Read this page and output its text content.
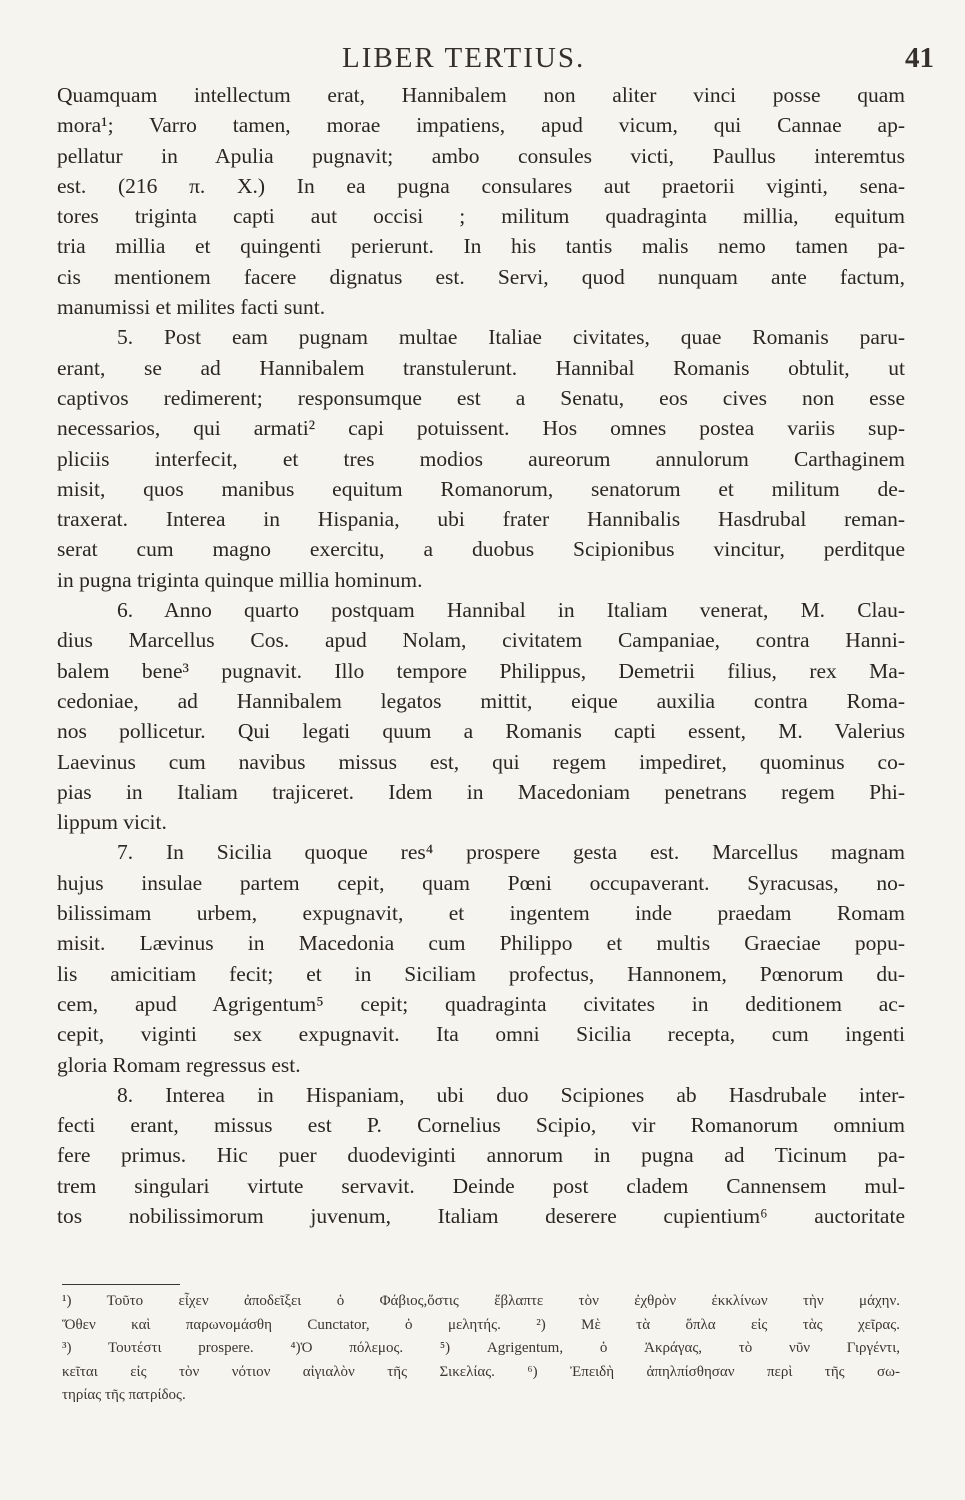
LIBER TERTIUS.	41
Quamquam intellectum erat, Hannibalem non aliter vinci posse quam
mora¹; Varro tamen, morae impatiens, apud vicum, qui Cannae ap-
pellatur in Apulia pugnavit; ambo consules victi, Paullus interemtus
est. (216 π. X.) In ea pugna consulares aut praetorii viginti, sena-
tores triginta capti aut occisi ; militum quadraginta millia, equitum
tria millia et quingenti perierunt. In his tantis malis nemo tamen pa-
cis mentionem facere dignatus est. Servi, quod nunquam ante factum,
manumissi et milites facti sunt.
5. Post eam pugnam multae Italiae civitates, quae Romanis paru-
erant, se ad Hannibalem transtulerunt. Hannibal Romanis obtulit, ut
captivos redimerent; responsumque est a Senatu, eos cives non esse
necessarios, qui armati² capi potuissent. Hos omnes postea variis sup-
pliciis interfecit, et tres modios aureorum annulorum Carthaginem
misit, quos manibus equitum Romanorum, senatorum et militum de-
traxerat. Interea in Hispania, ubi frater Hannibalis Hasdrubal reman-
serat cum magno exercitu, a duobus Scipionibus vincitur, perditque
in pugna triginta quinque millia hominum.
6. Anno quarto postquam Hannibal in Italiam venerat, M. Clau-
dius Marcellus Cos. apud Nolam, civitatem Campaniae, contra Hanni-
balem bene³ pugnavit. Illo tempore Philippus, Demetrii filius, rex Ma-
cedoniae, ad Hannibalem legatos mittit, eique auxilia contra Roma-
nos pollicetur. Qui legati quum a Romanis capti essent, M. Valerius
Laevinus cum navibus missus est, qui regem impediret, quominus co-
pias in Italiam trajiceret. Idem in Macedoniam penetrans regem Phi-
lippum vicit.
7. In Sicilia quoque res⁴ prospere gesta est. Marcellus magnam
hujus insulae partem cepit, quam Pœni occupaverant. Syracusas, no-
bilissimam urbem, expugnavit, et ingentem inde praedam Romam
misit. Lævinus in Macedonia cum Philippo et multis Graeciae popu-
lis amicitiam fecit; et in Siciliam profectus, Hannonem, Pœnorum du-
cem, apud Agrigentum⁵ cepit; quadraginta civitates in deditionem ac-
cepit, viginti sex expugnavit. Ita omni Sicilia recepta, cum ingenti
gloria Romam regressus est.
8. Interea in Hispaniam, ubi duo Scipiones ab Hasdrubale inter-
fecti erant, missus est P. Cornelius Scipio, vir Romanorum omnium
fere primus. Hic puer duodeviginti annorum in pugna ad Ticinum pa-
trem singulari virtute servavit. Deinde post cladem Cannensem mul-
tos nobilissimorum juvenum, Italiam deserere cupientium⁶ auctoritate
¹) Τοῦτο εἶχεν ἀποδεῖξει ὁ Φάβιος,ὅστις ἔβλαπτε τὸν ἐχθρὸν ἐκκλίνων τὴν μάχην.
Ὅθεν καὶ παρωνομάσθη Cunctator, ὁ μελητής. ²) Μὲ τὰ ὅπλα εἰς τὰς χεῖρας.
³) Τουτέστι prospere. ⁴)Ὁ πόλεμος. ⁵) Agrigentum, ὁ Ἀκράγας, τὸ νῦν Γιργέντι,
κεῖται εἰς τὸν νότιον αἰγιαλὸν τῆς Σικελίας. ⁶) Ἐπειδὴ ἀπηλπίσθησαν περὶ τῆς σω-
τηρίας τῆς πατρίδος.
